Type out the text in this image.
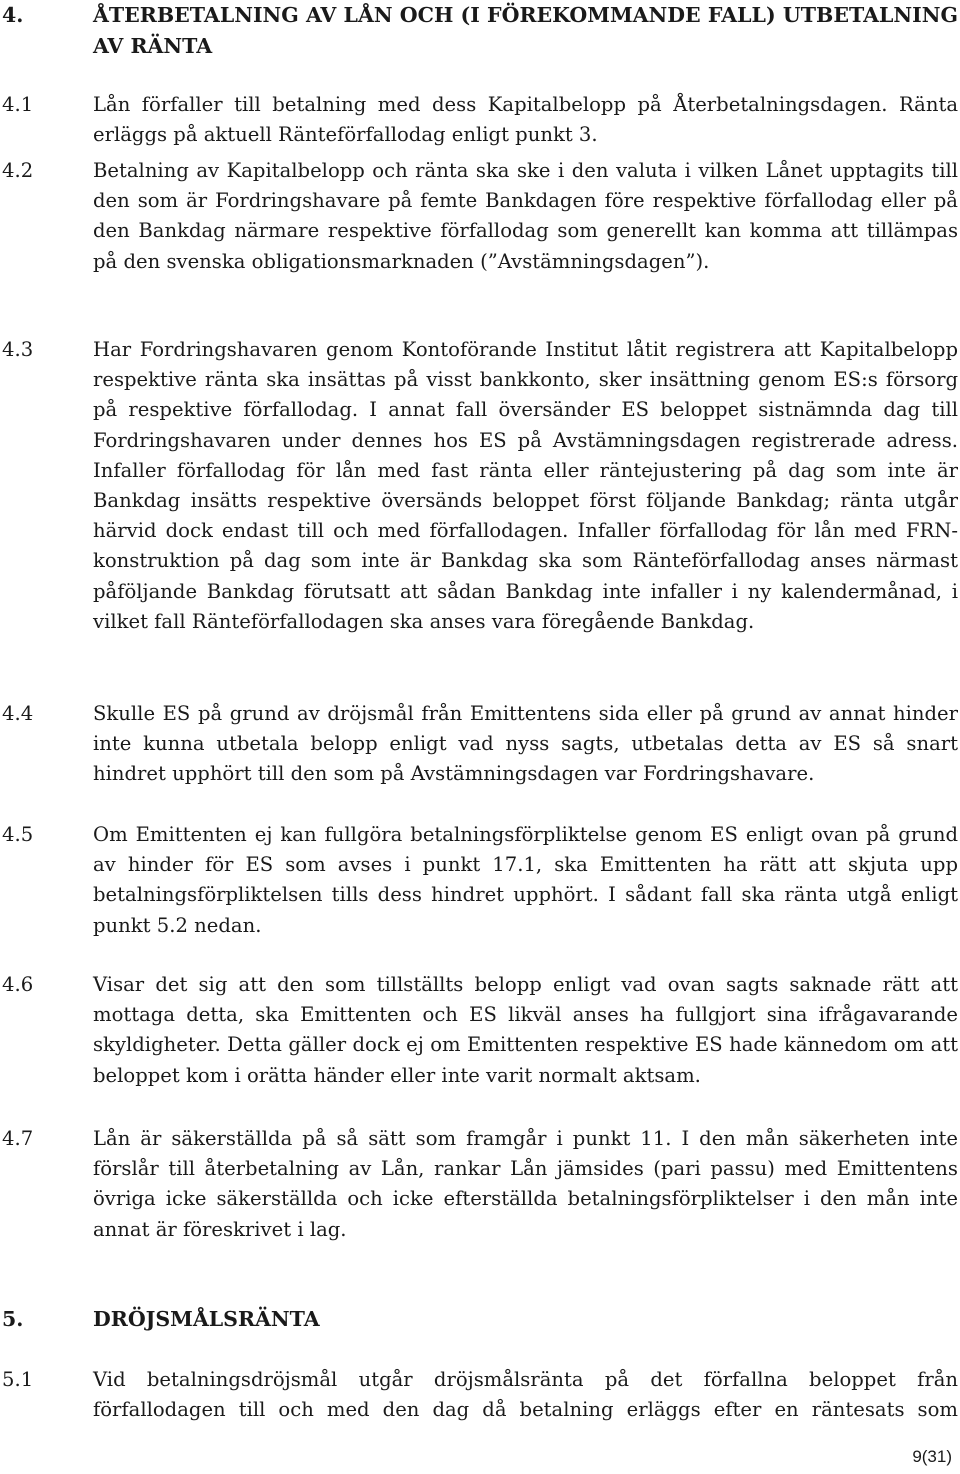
4.	ÅTERBETALNING AV LÅN OCH (I FÖREKOMMANDE FALL) UTBETALNING AV RÄNTA
4.1	Lån förfaller till betalning med dess Kapitalbelopp på Återbetalningsdagen. Ränta erläggs på aktuell Ränteförfallodag enligt punkt 3.
4.2	Betalning av Kapitalbelopp och ränta ska ske i den valuta i vilken Lånet upptagits till den som är Fordringshavare på femte Bankdagen före respektive förfallodag eller på den Bankdag närmare respektive förfallodag som generellt kan komma att tillämpas på den svenska obligationsmarknaden (”Avstämningsdagen”).
4.3	Har Fordringshavaren genom Kontoförande Institut låtit registrera att Kapitalbelopp respektive ränta ska insättas på visst bankkonto, sker insättning genom ES:s försorg på respektive förfallodag. I annat fall översänder ES beloppet sistnämnda dag till Fordringshavaren under dennes hos ES på Avstämningsdagen registrerade adress. Infaller förfallodag för lån med fast ränta eller räntejustering på dag som inte är Bankdag insätts respektive översänds beloppet först följande Bankdag; ränta utgår härvid dock endast till och med förfallodagen. Infaller förfallodag för lån med FRN-konstruktion på dag som inte är Bankdag ska som Ränteförfallodag anses närmast påföljande Bankdag förutsatt att sådan Bankdag inte infaller i ny kalendermånad, i vilket fall Ränteförfallodagen ska anses vara föregående Bankdag.
4.4	Skulle ES på grund av dröjsmål från Emittentens sida eller på grund av annat hinder inte kunna utbetala belopp enligt vad nyss sagts, utbetalas detta av ES så snart hindret upphört till den som på Avstämningsdagen var Fordringshavare.
4.5	Om Emittenten ej kan fullgöra betalningsförpliktelse genom ES enligt ovan på grund av hinder för ES som avses i punkt 17.1, ska Emittenten ha rätt att skjuta upp betalningsförpliktelsen tills dess hindret upphört. I sådant fall ska ränta utgå enligt punkt 5.2 nedan.
4.6	Visar det sig att den som tillställts belopp enligt vad ovan sagts saknade rätt att mottaga detta, ska Emittenten och ES likväl anses ha fullgjort sina ifrågavarande skyldigheter. Detta gäller dock ej om Emittenten respektive ES hade kännedom om att beloppet kom i orätta händer eller inte varit normalt aktsam.
4.7	Lån är säkerställda på så sätt som framgår i punkt 11. I den mån säkerheten inte förslår till återbetalning av Lån, rankar Lån jämsides (pari passu) med Emittentens övriga icke säkerställda och icke efterställda betalningsförpliktelser i den mån inte annat är föreskrivet i lag.
5.	DRÖJSMÅLSRÄNTA
5.1	Vid betalningsdröjsmål utgår dröjsmålsränta på det förfallna beloppet från förfallodagen till och med den dag då betalning erläggs efter en räntesats som
9(31)
